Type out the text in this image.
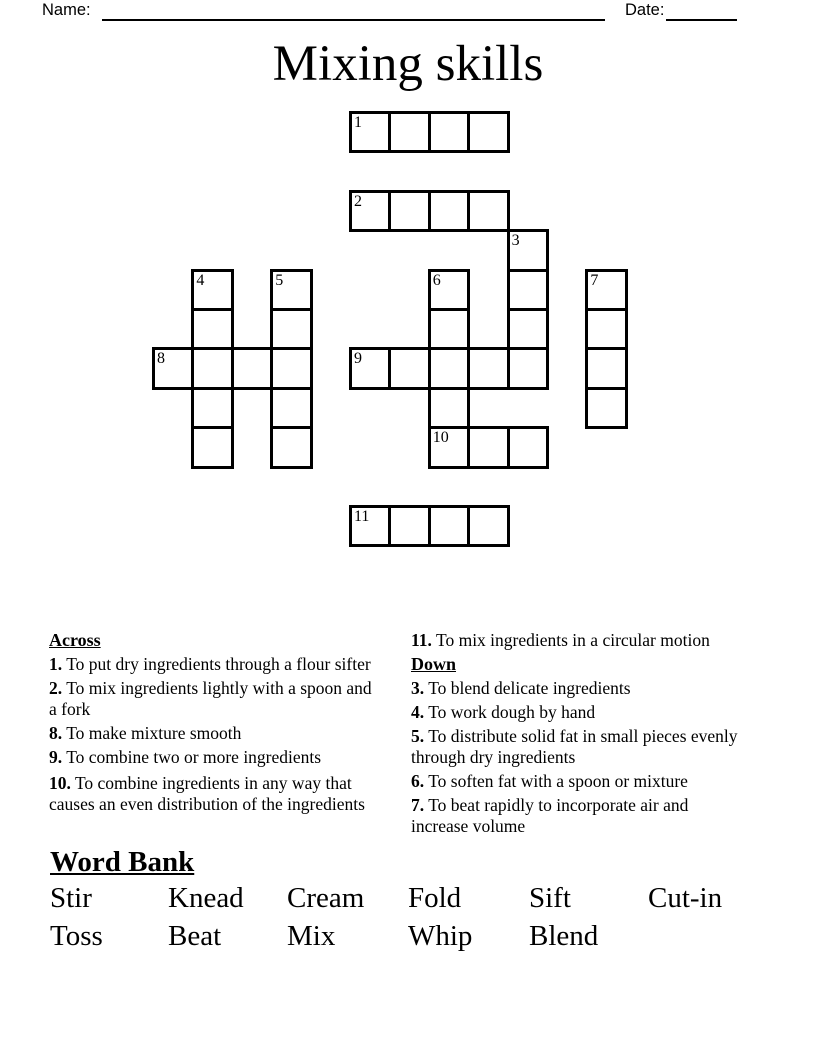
Name:	Date:
Mixing skills
1
2
3
4	5	6
10
7
8	9
11

Across

1. To put dry ingredients through a flour sifter

2. To mix ingredients lightly with a spoon and a fork

8. To make mixture smooth

9. To combine two or more ingredients

10. To combine ingredients in any way that causes an even distribution of the ingredients

11. To mix ingredients in a circular motion

Down

3. To blend delicate ingredients

4. To work dough by hand

5. To distribute solid fat in small pieces evenly through dry ingredients

6. To soften fat with a spoon or mixture

7. To beat rapidly to incorporate air and increase volume

Word Bank

Stir	Knead	Cream	Fold	Sift	Cut-in
Toss	Beat	Mix	Whip	Blend
